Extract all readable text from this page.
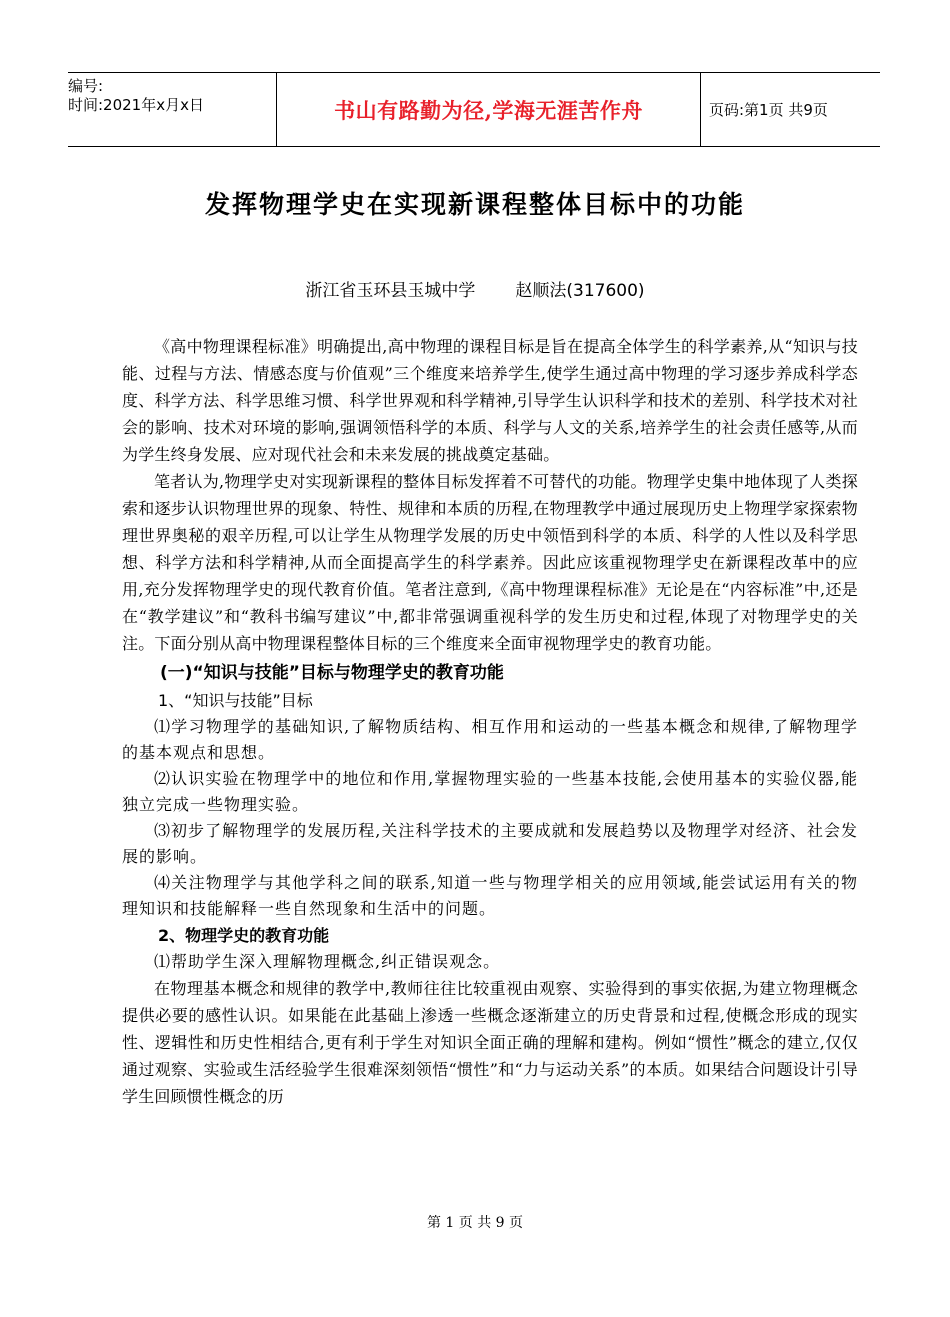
编号:
时间:2021年x月x日	书山有路勤为径,学海无涯苦作舟	页码:第1页 共9页
发挥物理学史在实现新课程整体目标中的功能
浙江省玉环县玉城中学 赵顺法(317600)

《高中物理课程标准》明确提出,高中物理的课程目标是旨在提高全体学生的科学素养,从“知识与技能、过程与方法、情感态度与价值观”三个维度来培养学生,使学生通过高中物理的学习逐步养成科学态度、科学方法、科学思维习惯、科学世界观和科学精神,引导学生认识科学和技术的差别、科学技术对社会的影响、技术对环境的影响,强调领悟科学的本质、科学与人文的关系,培养学生的社会责任感等,从而为学生终身发展、应对现代社会和未来发展的挑战奠定基础。

笔者认为,物理学史对实现新课程的整体目标发挥着不可替代的功能。物理学史集中地体现了人类探索和逐步认识物理世界的现象、特性、规律和本质的历程,在物理教学中通过展现历史上物理学家探索物理世界奥秘的艰辛历程,可以让学生从物理学发展的历史中领悟到科学的本质、科学的人性以及科学思想、科学方法和科学精神,从而全面提高学生的科学素养。因此应该重视物理学史在新课程改革中的应用,充分发挥物理学史的现代教育价值。笔者注意到,《高中物理课程标准》无论是在“内容标准”中,还是在“教学建议”和“教科书编写建议”中,都非常强调重视科学的发生历史和过程,体现了对物理学史的关注。下面分别从高中物理课程整体目标的三个维度来全面审视物理学史的教育功能。

(一)“知识与技能”目标与物理学史的教育功能
1、“知识与技能”目标

⑴学习物理学的基础知识,了解物质结构、相互作用和运动的一些基本概念和规律,了解物理学的基本观点和思想。

⑵认识实验在物理学中的地位和作用,掌握物理实验的一些基本技能,会使用基本的实验仪器,能独立完成一些物理实验。

⑶初步了解物理学的发展历程,关注科学技术的主要成就和发展趋势以及物理学对经济、社会发展的影响。

⑷关注物理学与其他学科之间的联系,知道一些与物理学相关的应用领域,能尝试运用有关的物理知识和技能解释一些自然现象和生活中的问题。

2、物理学史的教育功能

⑴帮助学生深入理解物理概念,纠正错误观念。

在物理基本概念和规律的教学中,教师往往比较重视由观察、实验得到的事实依据,为建立物理概念提供必要的感性认识。如果能在此基础上渗透一些概念逐渐建立的历史背景和过程,使概念形成的现实性、逻辑性和历史性相结合,更有利于学生对知识全面正确的理解和建构。例如“惯性”概念的建立,仅仅通过观察、实验或生活经验学生很难深刻领悟“惯性”和“力与运动关系”的本质。如果结合问题设计引导学生回顾惯性概念的历

第 1 页 共 9 页
